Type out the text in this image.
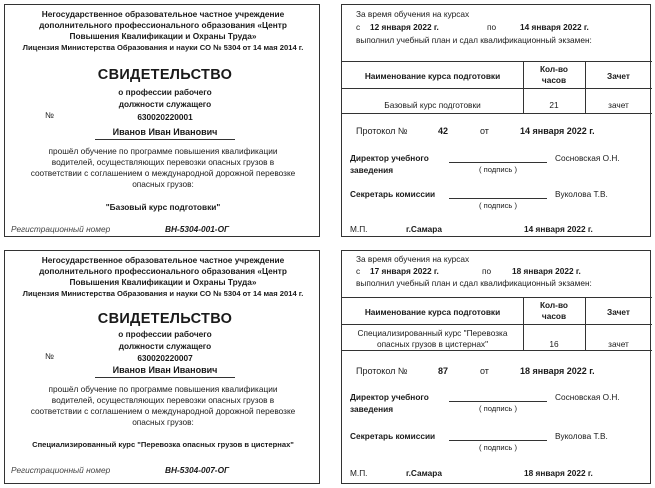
Негосударственное образовательное частное учреждение
дополнительного профессионального образования «Центр
Повышения Квалификации и Охраны Труда»
Лицензия Министерства Образования и науки СО № 5304 от 14 мая 2014 г.
СВИДЕТЕЛЬСТВО
о профессии рабочего
должности служащего
№	630020220001
Иванов Иван Иванович
прошёл обучение по программе повышения квалификации
водителей, осуществляющих перевозки опасных грузов в
соответствии с соглашением о международной дорожной перевозке
опасных грузов:
"Базовый курс подготовки"
Регистрационный номер	ВН-5304-001-ОГ
За время обучения на курсах
с 12 января 2022 г.	по	14 января 2022 г.
выполнил учебный план и сдал квалификационный экзамен:
Наименование курса подготовки
Кол-во
часов	Зачет
Базовый курс подготовки	21	зачет
Протокол №	42	от	14 января 2022 г.
Директор учебного
заведения	( подпись )
Сосновская О.Н.
Секретарь комиссии
( подпись )
Вуколова Т.В.
М.П.	г.Самара	14 января 2022 г.
Негосударственное образовательное частное учреждение
дополнительного профессионального образования «Центр
Повышения Квалификации и Охраны Труда»
Лицензия Министерства Образования и науки СО № 5304 от 14 мая 2014 г.
СВИДЕТЕЛЬСТВО
о профессии рабочего
должности служащего
№	630020220007
Иванов Иван Иванович
прошёл обучение по программе повышения квалификации
водителей, осуществляющих перевозки опасных грузов в
соответствии с соглашением о международной дорожной перевозке
опасных грузов:
Специализированный курс "Перевозка опасных грузов в цистернах"
Регистрационный номер	ВН-5304-007-ОГ
За время обучения на курсах
с 17 января 2022 г.	по	18 января 2022 г.
выполнил учебный план и сдал квалификационный экзамен:
Наименование курса подготовки
Кол-во
часов	Зачет
Специализированный курс "Перевозка
опасных грузов в цистернах"	16	зачет
Протокол №	87	от	18 января 2022 г.
Директор учебного
заведения	( подпись )
Сосновская О.Н.
Секретарь комиссии
( подпись )
Вуколова Т.В.
М.П.	г.Самара	18 января 2022 г.
